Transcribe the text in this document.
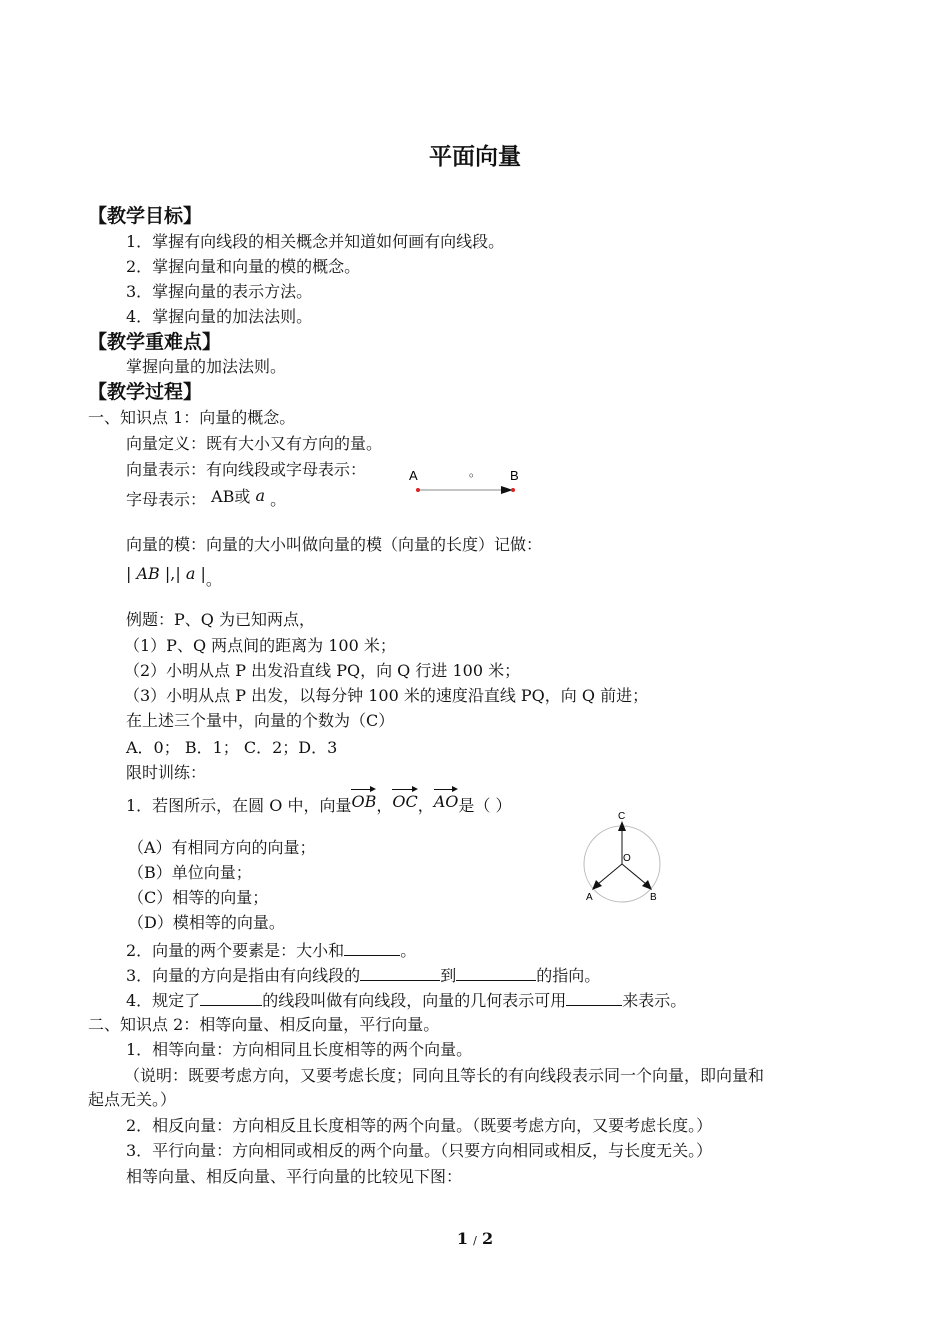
平面向量
【教学目标】
1．掌握有向线段的相关概念并知道如何画有向线段。
2．掌握向量和向量的模的概念。
3．掌握向量的表示方法。
4．掌握向量的加法法则。
【教学重难点】
掌握向量的加法法则。
【教学过程】
一、知识点 1：向量的概念。
向量定义：既有大小又有方向的量。
向量表示：有向线段或字母表示：	A	B
。
字母表示： AB或 a 。
向量的模：向量的大小叫做向量的模（向量的长度）记做：
| AB |,| a |。
例题：P、Q 为已知两点，
（1）P、Q 两点间的距离为 100 米；
（2）小明从点 P 出发沿直线 PQ，向 Q 行进 100 米；
（3）小明从点 P 出发，以每分钟 100 米的速度沿直线 PQ，向 Q 前进；
在上述三个量中，向量的个数为（C）
A．0； B．1； C．2；D．3
限时训练：
1．若图所示，在圆 O 中，向量OB，OC，AO是（ ）
（A）有相同方向的向量；
（B）单位向量；
（C）相等的向量；
（D）模相等的向量。
C
O
A	B
2．向量的两个要素是：大小和	。
3．向量的方向是指由有向线段的	到	的指向。
4．规定了	的线段叫做有向线段，向量的几何表示可用	来表示。
二、知识点 2：相等向量、相反向量，平行向量。
1．相等向量：方向相同且长度相等的两个向量。
（说明：既要考虑方向，又要考虑长度；同向且等长的有向线段表示同一个向量，即向量和
起点无关。）
2．相反向量：方向相反且长度相等的两个向量。（既要考虑方向，又要考虑长度。）
3．平行向量：方向相同或相反的两个向量。（只要方向相同或相反，与长度无关。）
相等向量、相反向量、平行向量的比较见下图：
1 / 2
